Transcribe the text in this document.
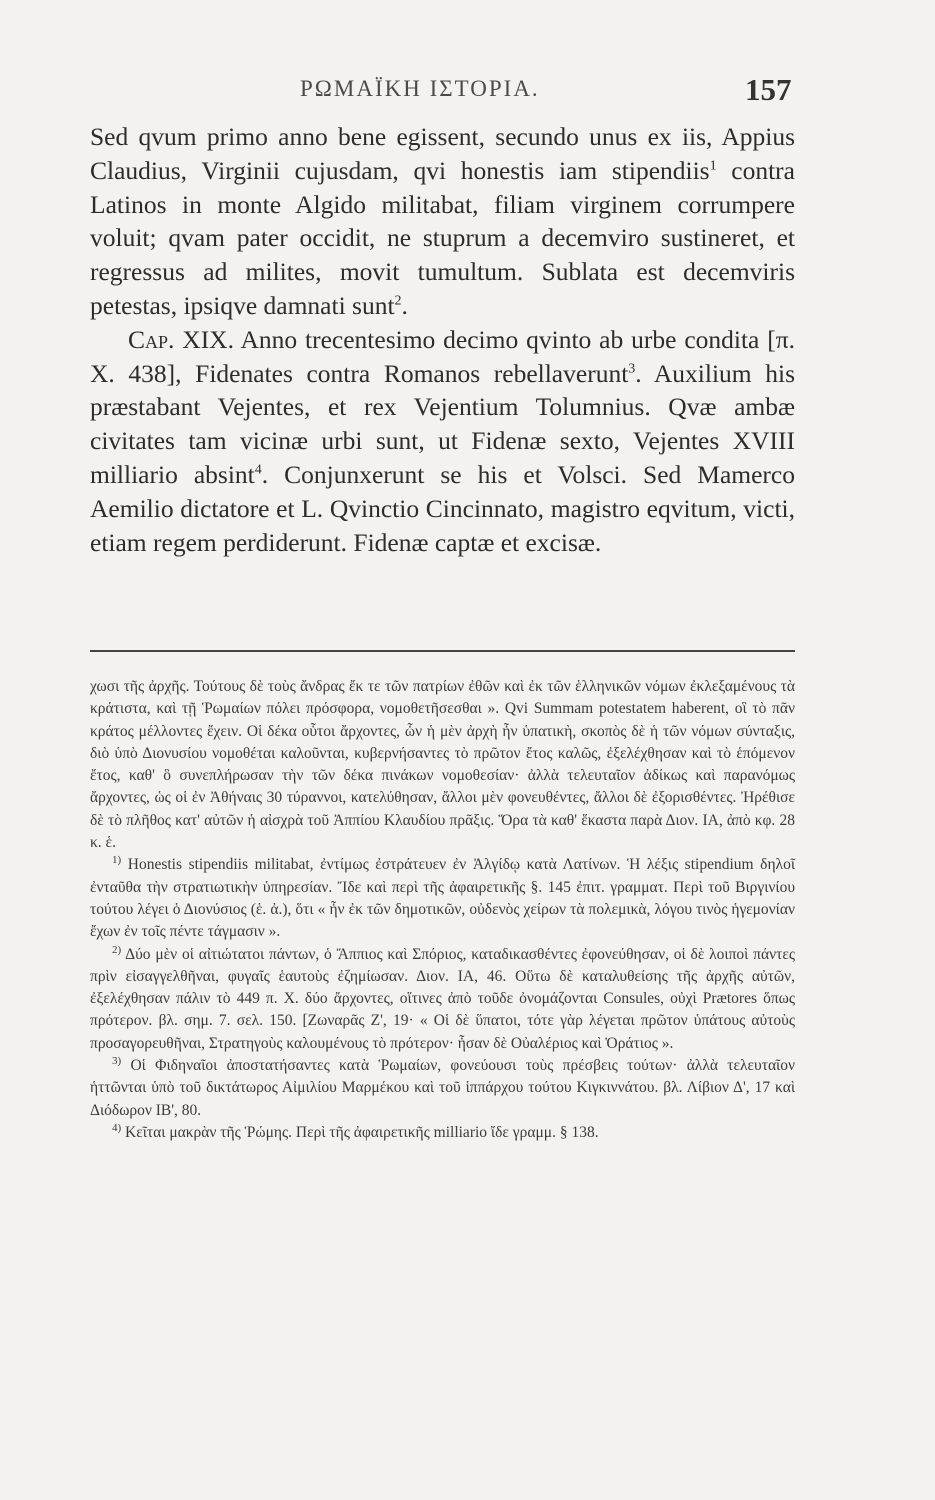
ΡΩΜΑΪΚΗ ΙΣΤΟΡΙΑ.	157

Sed qvum primo anno bene egissent, secundo unus ex iis, Appius Claudius, Virginii cujusdam, qvi honestis iam stipendiis$^1$ contra Latinos in monte Algido militabat, filiam virginem corrumpere voluit; qvam pater occidit, ne stuprum a decemviro sustineret, et regressus ad milites, movit tumultum. Sublata est decemviris petestas, ipsiqve damnati sunt$^2$.

Cap. XIX. Anno trecentesimo decimo qvinto ab urbe condita [π. X. 438], Fidenates contra Romanos rebellaverunt$^3$. Auxilium his præstabant Vejentes, et rex Vejentium Tolumnius. Qvæ ambæ civitates tam vicinæ urbi sunt, ut Fidenæ sexto, Vejentes XVIII milliario absint$^4$. Conjunxerunt se his et Volsci. Sed Mamerco Aemilio dictatore et L. Qvinctio Cincinnato, magistro eqvitum, victi, etiam regem perdiderunt. Fidenæ captæ et excisæ.

χωσι τῆς ἀρχῆς. Τούτους δὲ τοὺς ἄνδρας ἔκ τε τῶν πατρίων ἐθῶν καὶ ἐκ τῶν ἑλληνικῶν νόμων ἐκλεξαμένους τὰ κράτιστα, καὶ τῇ Ῥωμαίων πόλει πρόσφορα, νομοθετῆσεσθαι ». Qvi Summam potestatem haberent, οἳ τὸ πᾶν κράτος μέλλοντες ἔχειν. Οἱ δέκα οὗτοι ἄρχοντες, ὧν ἡ μὲν ἀρχὴ ἦν ὑπατικὴ, σκοπὸς δὲ ἡ τῶν νόμων σύνταξις, διὸ ὑπὸ Διονυσίου νομοθέται καλοῦνται, κυβερνήσαντες τὸ πρῶτον ἔτος καλῶς, ἐξελέχθησαν καὶ τὸ ἑπόμενον ἔτος, καθ' ὃ συνεπλήρωσαν τὴν τῶν δέκα πινάκων νομοθεσίαν· ἀλλὰ τελευταῖον ἀδίκως καὶ παρανόμως ἄρχοντες, ὡς οἱ ἐν Ἀθήναις 30 τύραννοι, κατελύθησαν, ἄλλοι μὲν φονευθέντες, ἄλλοι δὲ ἐξορισθέντες. Ἠρέθισε δὲ τὸ πλῆθος κατ' αὐτῶν ἡ αἰσχρὰ τοῦ Ἀππίου Κλαυδίου πρᾶξις. Ὅρα τὰ καθ' ἕκαστα παρὰ Διον. ΙΑ, ἀπὸ κφ. 28 κ. ἑ.

$^{1)}$ Honestis stipendiis militabat, ἐντίμως ἐστράτευεν ἐν Ἀλγίδῳ κατὰ Λατίνων. Ἡ λέξις stipendium δηλοῖ ἐνταῦθα τὴν στρατιωτικὴν ὑπηρεσίαν. Ἴδε καὶ περὶ τῆς ἀφαιρετικῆς §. 145 ἐπιτ. γραμματ. Περὶ τοῦ Βιργινίου τούτου λέγει ὁ Διονύσιος (ἑ. ἀ.), ὅτι « ἦν ἐκ τῶν δημοτικῶν, οὐδενὸς χείρων τὰ πολεμικὰ, λόγου τινὸς ἡγεμονίαν ἔχων ἐν τοῖς πέντε τάγμασιν ».

$^{2)}$ Δύο μὲν οἱ αἰτιώτατοι πάντων, ὁ Ἄππιος καὶ Σπόριος, καταδικασθέντες ἐφονεύθησαν, οἱ δὲ λοιποὶ πάντες πρὶν εἰσαγγελθῆναι, φυγαῖς ἑαυτοὺς ἐζημίωσαν. Διον. ΙΑ, 46. Οὕτω δὲ καταλυθείσης τῆς ἀρχῆς αὐτῶν, ἐξελέχθησαν πάλιν τὸ 449 π. Χ. δύο ἄρχοντες, οἵτινες ἀπὸ τοῦδε ὀνομάζονται Consules, οὐχὶ Prætores ὅπως πρότερον. βλ. σημ. 7. σελ. 150. [Ζωναρᾶς Ζ', 19· « Οἱ δὲ ὕπατοι, τότε γὰρ λέγεται πρῶτον ὑπάτους αὐτοὺς προσαγορευθῆναι, Στρατηγοὺς καλουμένους τὸ πρότερον· ἦσαν δὲ Οὐαλέριος καὶ Ὁράτιος ».

$^{3)}$ Οἱ Φιδηναῖοι ἀποστατήσαντες κατὰ Ῥωμαίων, φονεύουσι τοὺς πρέσβεις τούτων· ἀλλὰ τελευταῖον ἡττῶνται ὑπὸ τοῦ δικτάτωρος Αἰμιλίου Μαρμέκου καὶ τοῦ ἱππάρχου τούτου Κιγκιννάτου. βλ. Λίβιον Δ', 17 καὶ Διόδωρον ΙΒ', 80.

$^{4)}$ Κεῖται μακρὰν τῆς Ῥώμης. Περὶ τῆς ἀφαιρετικῆς milliario ἴδε γραμμ. § 138.
